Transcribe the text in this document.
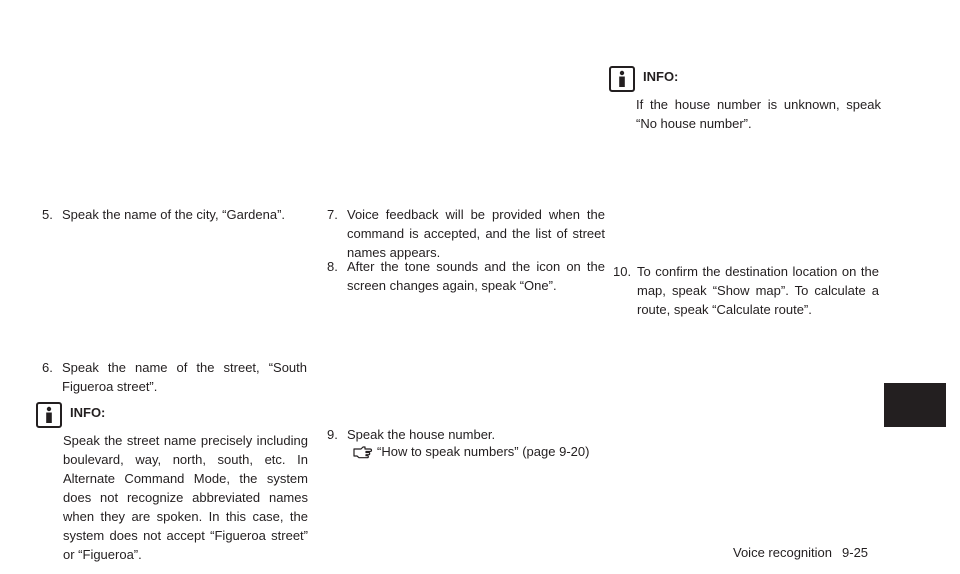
5. Speak the name of the city, “Gardena”.
6. Speak the name of the street, “South Figueroa street”.
INFO:
Speak the street name precisely including boulevard, way, north, south, etc. In Alternate Command Mode, the system does not recognize abbreviated names when they are spoken. In this case, the system does not accept “Figueroa street” or “Figueroa”.
7. Voice feedback will be provided when the command is accepted, and the list of street names appears.
8. After the tone sounds and the icon on the screen changes again, speak “One”.
9. Speak the house number.
“How to speak numbers” (page 9-20)
INFO:
If the house number is unknown, speak “No house number”.
10. To confirm the destination location on the map, speak “Show map”. To calculate a route, speak “Calculate route”.
Voice recognition 9-25
